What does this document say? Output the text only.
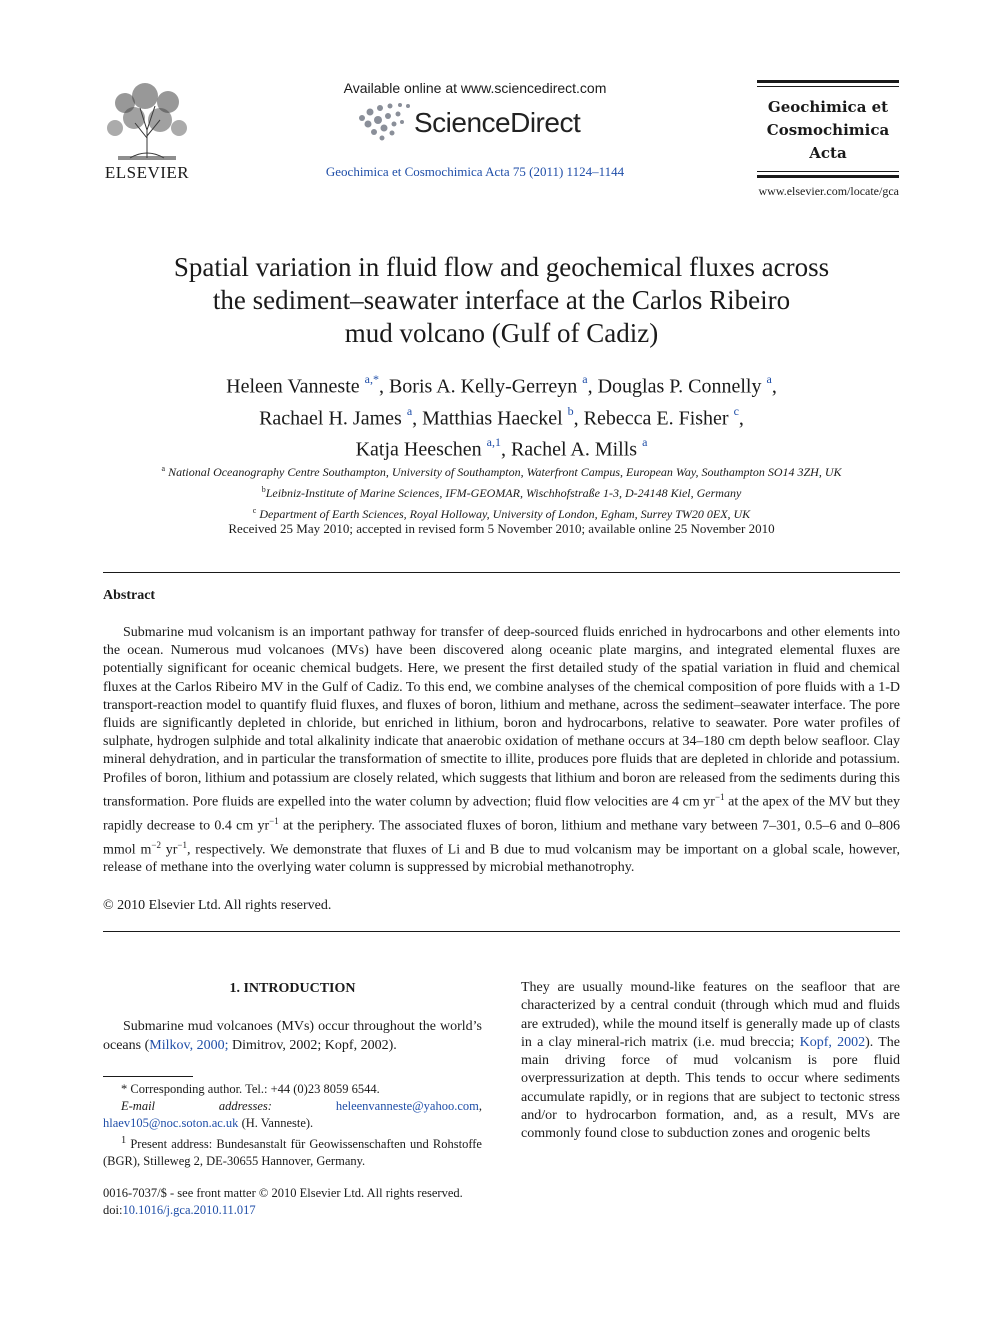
ELSEVIER
Available online at www.sciencedirect.com
ScienceDirect
Geochimica et Cosmochimica Acta 75 (2011) 1124–1144
Geochimica et
Cosmochimica
Acta
www.elsevier.com/locate/gca
Spatial variation in fluid flow and geochemical fluxes across
the sediment–seawater interface at the Carlos Ribeiro
mud volcano (Gulf of Cadiz)
Heleen Vanneste $^{a,*}$, Boris A. Kelly-Gerreyn $^a$, Douglas P. Connelly $^a$,
Rachael H. James $^a$, Matthias Haeckel $^b$, Rebecca E. Fisher $^c$,
Katja Heeschen $^{a,1}$, Rachel A. Mills $^a$
$^a$ National Oceanography Centre Southampton, University of Southampton, Waterfront Campus, European Way, Southampton SO14 3ZH, UK
$^b$Leibniz-Institute of Marine Sciences, IFM-GEOMAR, Wischhofstraße 1-3, D-24148 Kiel, Germany
$^c$ Department of Earth Sciences, Royal Holloway, University of London, Egham, Surrey TW20 0EX, UK
Received 25 May 2010; accepted in revised form 5 November 2010; available online 25 November 2010
Abstract

Submarine mud volcanism is an important pathway for transfer of deep-sourced fluids enriched in hydrocarbons and other elements into the ocean. Numerous mud volcanoes (MVs) have been discovered along oceanic plate margins, and integrated elemental fluxes are potentially significant for oceanic chemical budgets. Here, we present the first detailed study of the spatial variation in fluid and chemical fluxes at the Carlos Ribeiro MV in the Gulf of Cadiz. To this end, we combine analyses of the chemical composition of pore fluids with a 1-D transport-reaction model to quantify fluid fluxes, and fluxes of boron, lithium and methane, across the sediment–seawater interface. The pore fluids are significantly depleted in chloride, but enriched in lithium, boron and hydrocarbons, relative to seawater. Pore water profiles of sulphate, hydrogen sulphide and total alkalinity indicate that anaerobic oxidation of methane occurs at 34–180 cm depth below seafloor. Clay mineral dehydration, and in particular the transformation of smectite to illite, produces pore fluids that are depleted in chloride and potassium. Profiles of boron, lithium and potassium are closely related, which suggests that lithium and boron are released from the sediments during this transformation. Pore fluids are expelled into the water column by advection; fluid flow velocities are 4 cm $yr^{-1}$ at the apex of the MV but they rapidly decrease to 0.4 cm $yr^{-1}$ at the periphery. The associated fluxes of boron, lithium and methane vary between 7–301, 0.5–6 and 0–806 mmol $m^{-2}$ $yr^{-1}$, respectively. We demonstrate that fluxes of Li and B due to mud volcanism may be important on a global scale, however, release of methane into the overlying water column is suppressed by microbial methanotrophy.

© 2010 Elsevier Ltd. All rights reserved.
1. INTRODUCTION

Submarine mud volcanoes (MVs) occur throughout the world’s oceans (Milkov, 2000; Dimitrov, 2002; Kopf, 2002).

* Corresponding author. Tel.: +44 (0)23 8059 6544.

E-mail addresses:	heleenvanneste@yahoo.com, hlaev105@noc.soton.ac.uk (H. Vanneste).

$^1$ Present address: Bundesanstalt für Geowissenschaften und Rohstoffe (BGR), Stilleweg 2, DE-30655 Hannover, Germany.

0016-7037/$ - see front matter © 2010 Elsevier Ltd. All rights reserved.
doi:10.1016/j.gca.2010.11.017

They are usually mound-like features on the seafloor that are characterized by a central conduit (through which mud and fluids are extruded), while the mound itself is generally made up of clasts in a clay mineral-rich matrix (i.e. mud breccia; Kopf, 2002). The main driving force of mud volcanism is pore fluid overpressurization at depth. This tends to occur where sediments accumulate rapidly, or in regions that are subject to tectonic stress and/or to hydrocarbon formation, and, as a result, MVs are commonly found close to subduction zones and orogenic belts
